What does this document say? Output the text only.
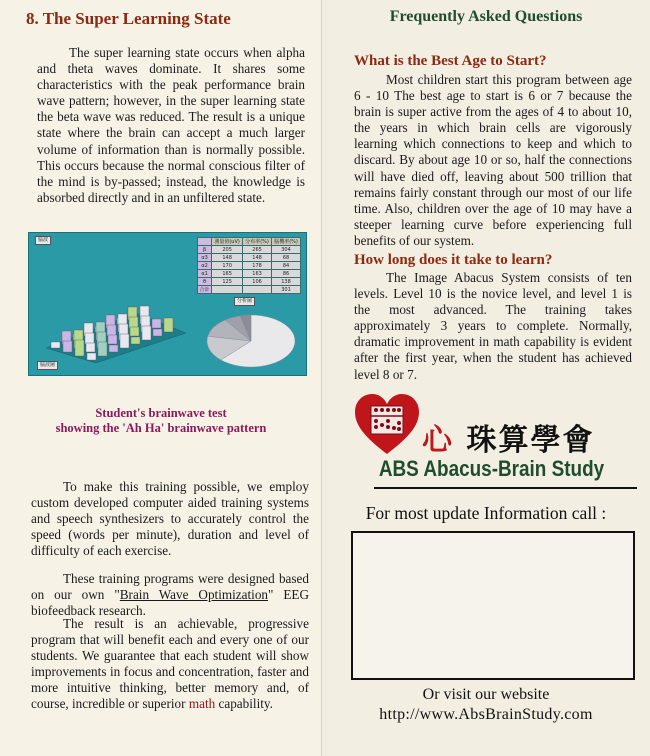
8. The Super Learning State

The super learning state occurs when alpha and theta waves dominate. It shares some characteristics with the peak performance brain wave pattern; however, in the super learning state the beta wave was reduced. The result is a unique state where the brain can accept a much larger volume of information than is normally possible. This occurs because the normal conscious filter of the mind is by-passed; instead, the knowledge is absorbed directly and in an unfiltered state.

腦波
分析圖
腦波圖
	測量值(uV)	分布率(%)	腦機率(%)
β	205	265	304
α3	148	148	68
α2	170	178	84
α1	165	163	86
θ	125	106	138
合計			301
Student's brainwave test
showing the 'Ah Ha' brainwave pattern

To make this training possible, we employ custom developed computer aided training systems and speech synthesizers to accurately control the speed (words per minute), duration and level of difficulty of each exercise.

These training programs were designed based on our own "Brain Wave Optimization" EEG biofeedback research.

The result is an achievable, progressive program that will benefit each and every one of our students. We guarantee that each student will show improvements in focus and concentration, faster and more intuitive thinking, better memory and, of course, incredible or superior math capability.

Frequently Asked Questions
What is the Best Age to Start?

Most children start this program between age 6 - 10 The best age to start is 6 or 7 because the brain is super active from the ages of 4 to about 10, the years in which brain cells are vigorously learning which connections to keep and which to discard. By about age 10 or so, half the connections will have died off, leaving about 500 trillion that remains fairly constant through our most of our life time. Also, children over the age of 10 may have a steeper learning curve before experiencing full benefits of our system.

How long does it take to learn?

The Image Abacus System consists of ten levels. Level 10 is the novice level, and level 1 is the most advanced. The training takes approximately 3 years to complete. Normally, dramatic improvement in math capability is evident after the first year, when the student has achieved level 8 or 7.

心 珠算學會
ABS Abacus-Brain Study
For most update Information call :
Or visit our website
http://www.AbsBrainStudy.com
